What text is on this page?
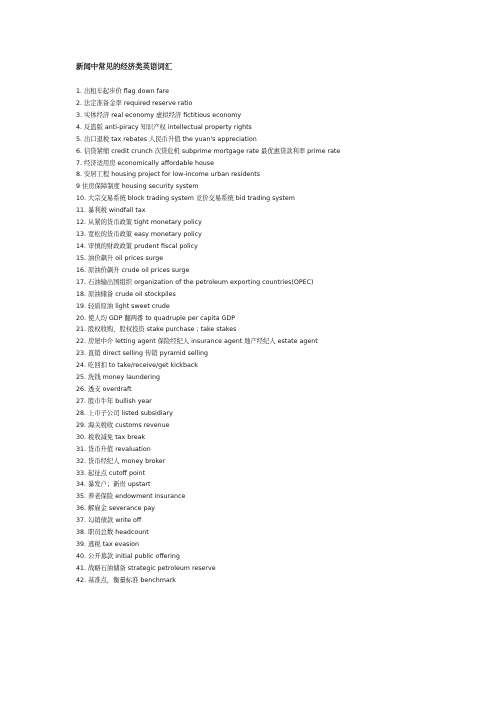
新闻中常见的经济类英语词汇
1. 出租车起步价 flag down fare
2. 法定准备金率 required reserve ratio
3. 实体经济 real economy 虚拟经济 fictitious economy
4. 反盗版 anti-piracy 知识产权 intellectual property rights
5. 出口退税 tax rebates 人民币升值 the yuan's appreciation
6. 信贷紧缩 credit crunch 次贷危机 subprime mortgage rate 最优惠贷款利率 prime rate
7. 经济适用房 economically affordable house
8. 安居工程 housing project for low-income urban residents
9 住房保障制度 housing security system
10. 大宗交易系统 block trading system 竞价交易系统 bid trading system
11. 暴利税 windfall tax
12. 从紧的货币政策 tight monetary policy
13. 宽松的货币政策 easy monetary policy
14. 审慎的财政政策 prudent fiscal policy
15. 油价飙升 oil prices surge
16. 原油价飙升 crude oil prices surge
17. 石油输出国组织 organization of the petroleum exporting countries(OPEC)
18. 原油储备 crude oil stockpiles
19. 轻质原油 light sweet crude
20. 使人均 GDP 翻两番 to quadruple per capita GDP
21. 股权收购、股权投资 stake purchase ; take stakes
22. 房屋中介 letting agent 保险经纪人 insurance agent 地产经纪人 estate agent
23. 直销 direct selling 传销 pyramid selling
24. 吃回扣 to take/receive/get kickback
25. 洗钱 money laundering
26. 透支 overdraft
27. 股市牛年 bullish year
28. 上市子公司 listed subsidiary
29. 海关税收 customs revenue
30. 税收减免 tax break
31. 货币升值 revaluation
32. 货币经纪人 money broker
33. 起征点 cutoff point
34. 暴发户；新贵 upstart
35. 养老保险 endowment insurance
36. 解雇金 severance pay
37. 勾销债款 write off
38. 职员总数 headcount
39. 逃税 tax evasion
40. 公开募款 initial public offering
41. 战略石油储备 strategic petroleum reserve
42. 基准点，衡量标准 benchmark
